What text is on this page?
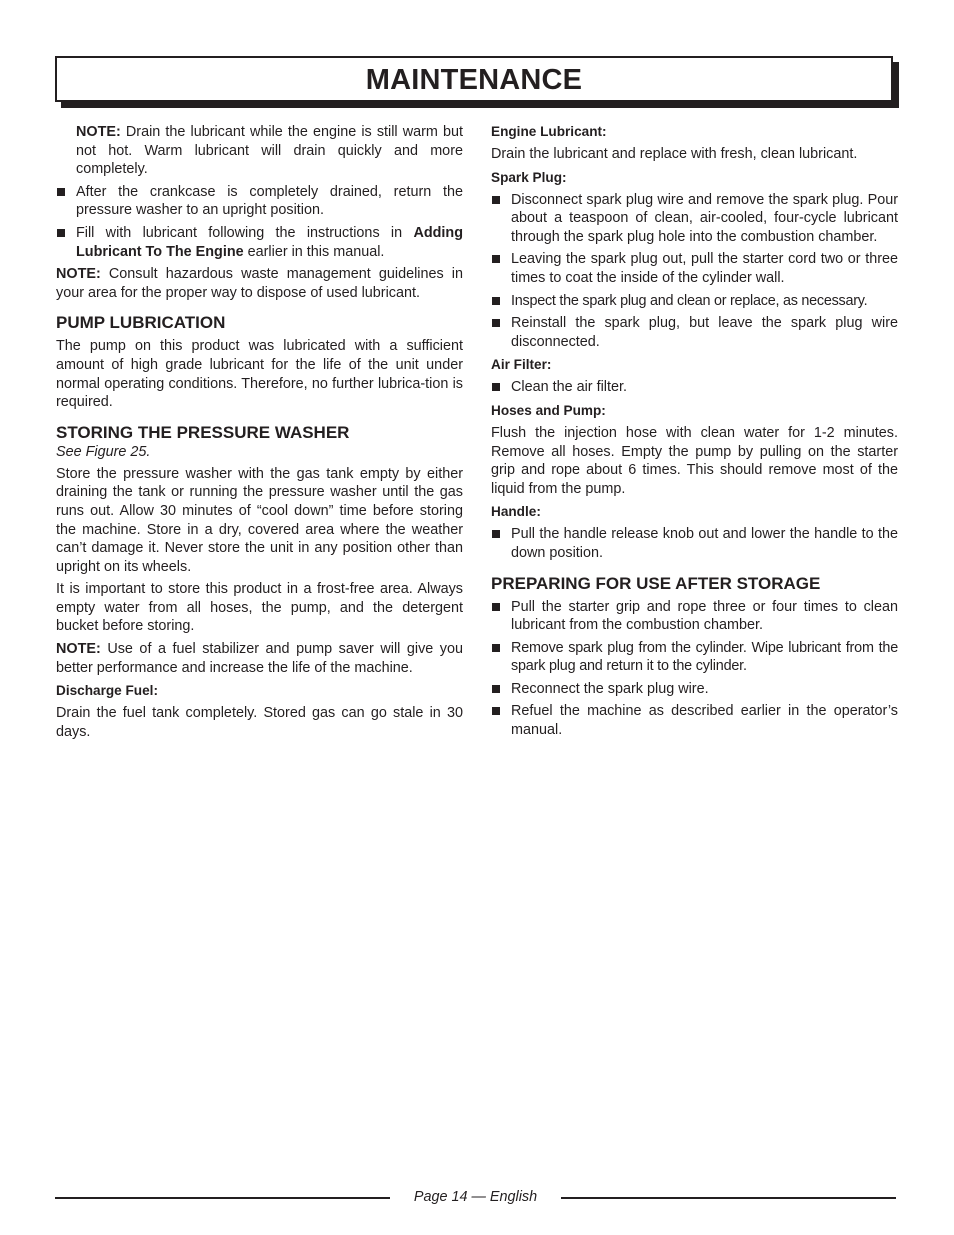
MAINTENANCE

NOTE: Drain the lubricant while the engine is still warm but not hot. Warm lubricant will drain quickly and more completely.

After the crankcase is completely drained, return the pressure washer to an upright position.
Fill with lubricant following the instructions in Adding Lubricant To The Engine earlier in this manual.

NOTE: Consult hazardous waste management guidelines in your area for the proper way to dispose of used lubricant.

PUMP LUBRICATION

The pump on this product was lubricated with a sufficient amount of high grade lubricant for the life of the unit under normal operating conditions. Therefore, no further lubrica-tion is required.

STORING THE PRESSURE WASHER
See Figure 25.

Store the pressure washer with the gas tank empty by either draining the tank or running the pressure washer until the gas runs out. Allow 30 minutes of “cool down” time before storing the machine. Store in a dry, covered area where the weather can’t damage it. Never store the unit in any position other than upright on its wheels.

It is important to store this product in a frost-free area. Always empty water from all hoses, the pump, and the detergent bucket before storing.

NOTE: Use of a fuel stabilizer and pump saver will give you better performance and increase the life of the machine.

Discharge Fuel:

Drain the fuel tank completely. Stored gas can go stale in 30 days.

Engine Lubricant:

Drain the lubricant and replace with fresh, clean lubricant.

Spark Plug:
Disconnect spark plug wire and remove the spark plug. Pour about a teaspoon of clean, air-cooled, four-cycle lubricant through the spark plug hole into the combustion chamber.
Leaving the spark plug out, pull the starter cord two or three times to coat the inside of the cylinder wall.
Inspect the spark plug and clean or replace, as necessary.
Reinstall the spark plug, but leave the spark plug wire disconnected.
Air Filter:
Clean the air filter.
Hoses and Pump:

Flush the injection hose with clean water for 1-2 minutes. Remove all hoses. Empty the pump by pulling on the starter grip and rope about 6 times. This should remove most of the liquid from the pump.

Handle:
Pull the handle release knob out and lower the handle to the down position.
PREPARING FOR USE AFTER STORAGE
Pull the starter grip and rope three or four times to clean lubricant from the combustion chamber.
Remove spark plug from the cylinder. Wipe lubricant from the spark plug and return it to the cylinder.
Reconnect the spark plug wire.
Refuel the machine as described earlier in the operator’s manual.
Page 14 — English
